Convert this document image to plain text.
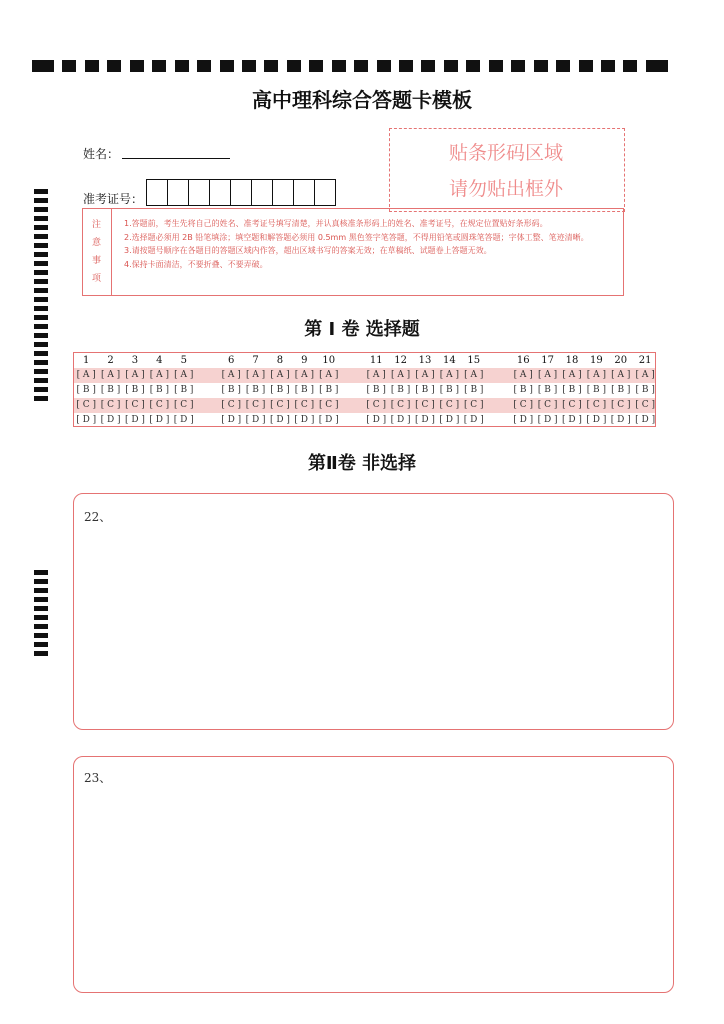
高中理科综合答题卡模板
姓名：	贴条形码区域
请勿贴出框外
准考证号：
注
意
事
项
1.答题前，考生先将自己的姓名、准考证号填写清楚，并认真核准条形码上的姓名、准考证号，在规定位置贴好条形码。
2.选择题必须用 2B 铅笔填涂；填空题和解答题必须用 0.5mm 黑色签字笔答题，不得用铅笔或圆珠笔答题；字体工整、笔迹清晰。
3.请按题号顺序在各题目的答题区域内作答，超出区域书写的答案无效；在草稿纸、试题卷上答题无效。
4.保持卡面清洁，不要折叠、不要弄破。
第 I 卷 选择题
1	2	3	4	5
[ A ] [ A ] [ A ] [ A ] [ A ]
[ B ] [ B ] [ B ] [ B ] [ B ]
[ C ] [ C ] [ C ] [ C ] [ C ]
[ D ] [ D ] [ D ] [ D ] [ D ]
6	7	8	9	10
[ A ] [ A ] [ A ] [ A ] [ A ]
[ B ] [ B ] [ B ] [ B ] [ B ]
[ C ] [ C ] [ C ] [ C ] [ C ]
[ D ] [ D ] [ D ] [ D ] [ D ]
11	12	13	14	15
[ A ] [ A ] [ A ] [ A ] [ A ]
[ B ] [ B ] [ B ] [ B ] [ B ]
[ C ] [ C ] [ C ] [ C ] [ C ]
[ D ] [ D ] [ D ] [ D ] [ D ]
16	17	18	19	20	21
[ A ] [ A ] [ A ] [ A ] [ A ] [ A ]
[ B ] [ B ] [ B ] [ B ] [ B ] [ B ]
[ C ] [ C ] [ C ] [ C ] [ C ] [ C ]
[ D ] [ D ] [ D ] [ D ] [ D ] [ D ]
第Ⅱ卷 非选择
22、
23、
